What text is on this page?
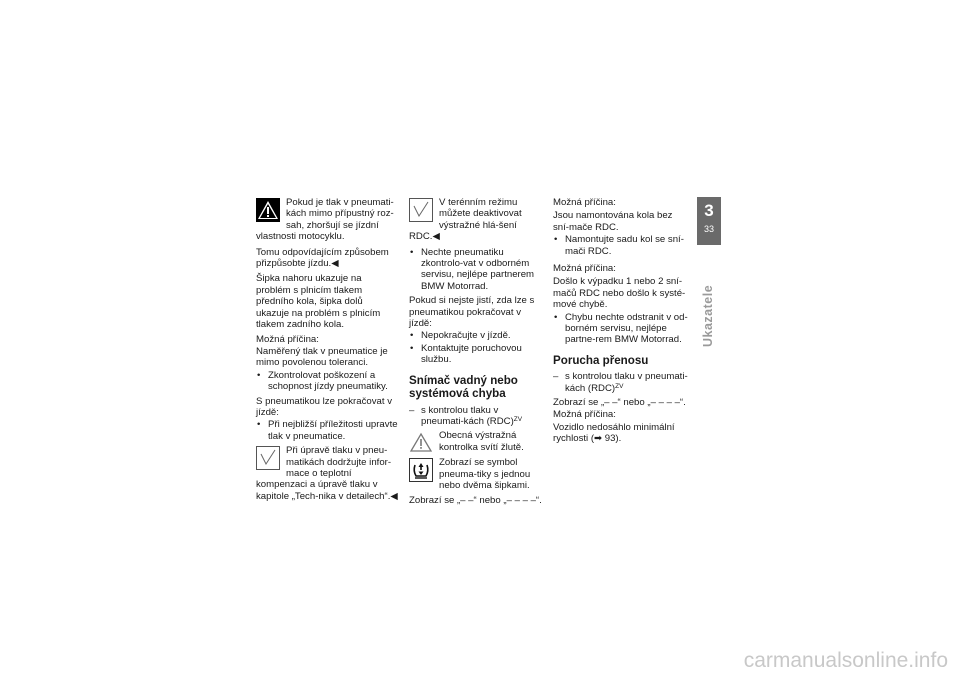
Pokud je tlak v pneumati-kách mimo přípustný roz-sah, zhoršují se jízdní vlastnosti motocyklu.

Tomu odpovídajícím způsobem přizpůsobte jízdu.◀

Šipka nahoru ukazuje na problém s plnicím tlakem předního kola, šipka dolů ukazuje na problém s plnicím tlakem zadního kola.

Možná příčina:

Naměřený tlak v pneumatice je mimo povolenou toleranci.

• Zkontrolovat poškození a schopnost jízdy pneumatiky.

S pneumatikou lze pokračovat v jízdě:

• Při nejbližší příležitosti upravte tlak v pneumatice.
Při úpravě tlaku v pneu-matikách dodržujte infor-mace o teplotní kompenzaci a úpravě tlaku v kapitole „Tech-nika v detailech“.◀
V terénním režimu můžete deaktivovat výstražné hlá-šení RDC.◀
• Nechte pneumatiku zkontrolo-vat v odborném servisu, nejlépe partnerem BMW Motorrad.

Pokud si nejste jistí, zda lze s pneumatikou pokračovat v jízdě:

• Nepokračujte v jízdě.
• Kontaktujte poruchovou službu.
Snímač vadný nebo systémová chyba
– s kontrolou tlaku v pneumati-kách (RDC)$^{ZV}$
Obecná výstražná kontrolka svítí žlutě.
Zobrazí se symbol pneuma-tiky s jednou nebo dvěma šipkami.

Zobrazí se „– –“ nebo „– – – –“.

Možná příčina:

Jsou namontována kola bez sní-mače RDC.

• Namontujte sadu kol se sní-mači RDC.

Možná příčina:

Došlo k výpadku 1 nebo 2 sní-mačů RDC nebo došlo k systé-mové chybě.

• Chybu nechte odstranit v od-borném servisu, nejlépe partne-rem BMW Motorrad.
Porucha přenosu
– s kontrolou tlaku v pneumati-kách (RDC)$^{ZV}$

Zobrazí se „– –“ nebo „– – – –“.

Možná příčina:

Vozidlo nedosáhlo minimální rychlosti (➡ 93).

3
33
Ukazatele
carmanualsonline.info
